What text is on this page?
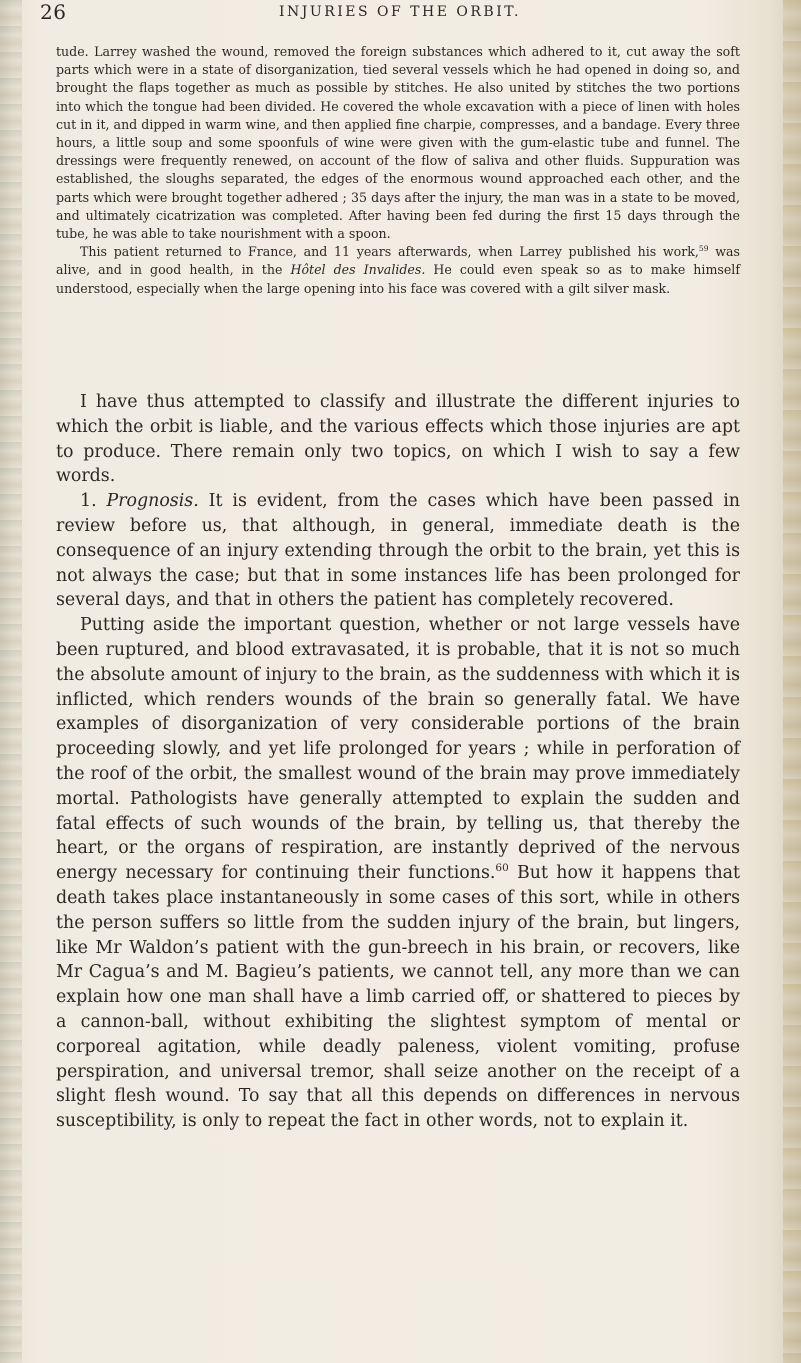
26	INJURIES OF THE ORBIT.

tude. Larrey washed the wound, removed the foreign substances which adhered to it, cut away the soft parts which were in a state of disorganization, tied several vessels which he had opened in doing so, and brought the flaps together as much as possible by stitches. He also united by stitches the two portions into which the tongue had been divided. He covered the whole excavation with a piece of linen with holes cut in it, and dipped in warm wine, and then applied fine charpie, compresses, and a bandage. Every three hours, a little soup and some spoonfuls of wine were given with the gum-elastic tube and funnel. The dressings were frequently renewed, on account of the flow of saliva and other fluids. Suppuration was established, the sloughs separated, the edges of the enormous wound approached each other, and the parts which were brought together adhered ; 35 days after the injury, the man was in a state to be moved, and ultimately cicatrization was completed. After having been fed during the first 15 days through the tube, he was able to take nourishment with a spoon.

This patient returned to France, and 11 years afterwards, when Larrey published his work,$^{59}$ was alive, and in good health, in the Hôtel des Invalides. He could even speak so as to make himself understood, especially when the large opening into his face was covered with a gilt silver mask.

I have thus attempted to classify and illustrate the different injuries to which the orbit is liable, and the various effects which those injuries are apt to produce. There remain only two topics, on which I wish to say a few words.

1. Prognosis. It is evident, from the cases which have been passed in review before us, that although, in general, immediate death is the consequence of an injury extending through the orbit to the brain, yet this is not always the case; but that in some instances life has been prolonged for several days, and that in others the patient has completely recovered.

Putting aside the important question, whether or not large vessels have been ruptured, and blood extravasated, it is probable, that it is not so much the absolute amount of injury to the brain, as the suddenness with which it is inflicted, which renders wounds of the brain so generally fatal. We have examples of disorganization of very considerable portions of the brain proceeding slowly, and yet life prolonged for years ; while in perforation of the roof of the orbit, the smallest wound of the brain may prove immediately mortal. Pathologists have generally attempted to explain the sudden and fatal effects of such wounds of the brain, by telling us, that thereby the heart, or the organs of respiration, are instantly deprived of the nervous energy necessary for continuing their functions.$^{60}$ But how it happens that death takes place instantaneously in some cases of this sort, while in others the person suffers so little from the sudden injury of the brain, but lingers, like Mr Waldon’s patient with the gun-breech in his brain, or recovers, like Mr Cagua’s and M. Bagieu’s patients, we cannot tell, any more than we can explain how one man shall have a limb carried off, or shattered to pieces by a cannon-ball, without exhibiting the slightest symptom of mental or corporeal agitation, while deadly paleness, violent vomiting, profuse perspiration, and universal tremor, shall seize another on the receipt of a slight flesh wound. To say that all this depends on differences in nervous susceptibility, is only to repeat the fact in other words, not to explain it.
